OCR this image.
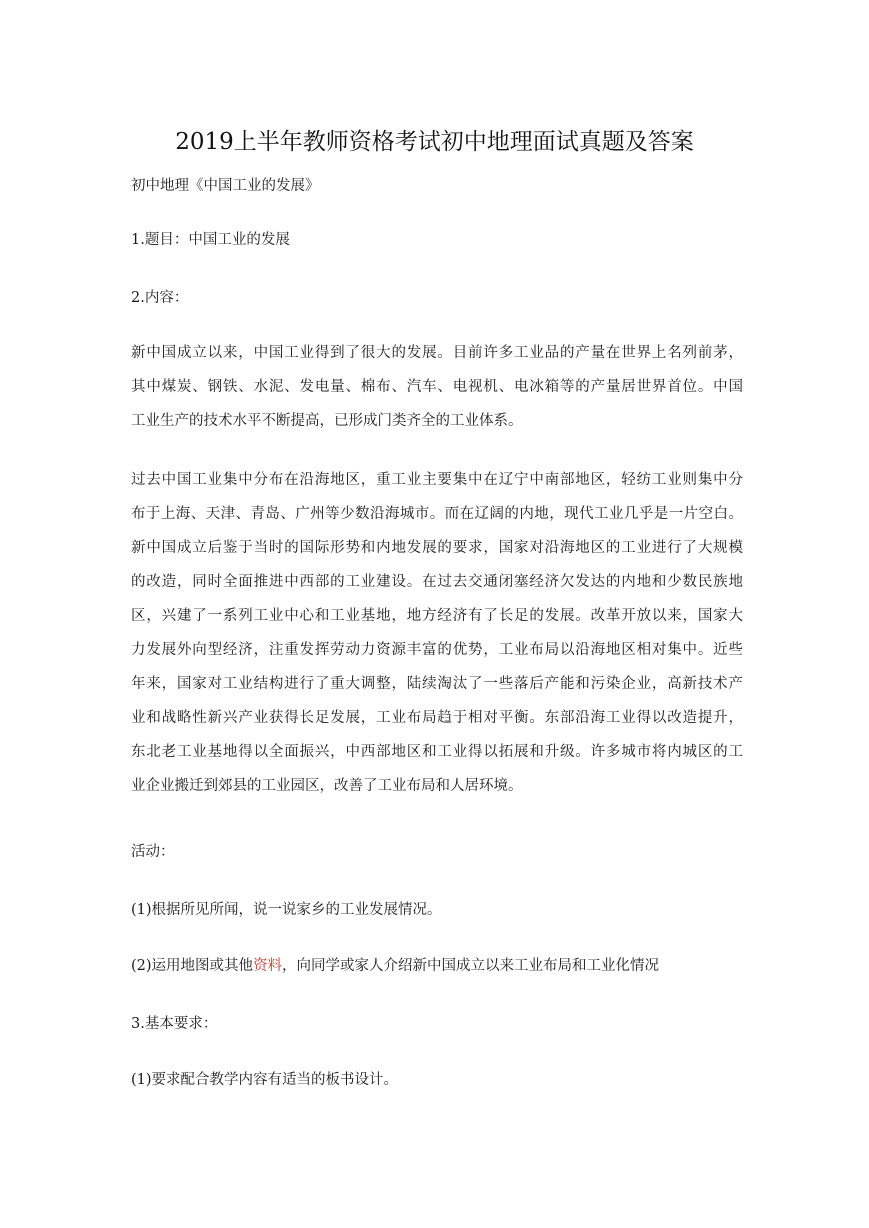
2019上半年教师资格考试初中地理面试真题及答案
初中地理《中国工业的发展》
1.题目：中国工业的发展
2.内容：
新中国成立以来，中国工业得到了很大的发展。目前许多工业品的产量在世界上名列前茅，
其中煤炭、钢铁、水泥、发电量、棉布、汽车、电视机、电冰箱等的产量居世界首位。中国
工业生产的技术水平不断提高，已形成门类齐全的工业体系。
过去中国工业集中分布在沿海地区，重工业主要集中在辽宁中南部地区，轻纺工业则集中分
布于上海、天津、青岛、广州等少数沿海城市。而在辽阔的内地，现代工业几乎是一片空白。
新中国成立后鉴于当时的国际形势和内地发展的要求，国家对沿海地区的工业进行了大规模
的改造，同时全面推进中西部的工业建设。在过去交通闭塞经济欠发达的内地和少数民族地
区，兴建了一系列工业中心和工业基地，地方经济有了长足的发展。改革开放以来，国家大
力发展外向型经济，注重发挥劳动力资源丰富的优势，工业布局以沿海地区相对集中。近些
年来，国家对工业结构进行了重大调整，陆续淘汰了一些落后产能和污染企业，高新技术产
业和战略性新兴产业获得长足发展，工业布局趋于相对平衡。东部沿海工业得以改造提升，
东北老工业基地得以全面振兴，中西部地区和工业得以拓展和升级。许多城市将内城区的工
业企业搬迁到郊县的工业园区，改善了工业布局和人居环境。
活动：
(1)根据所见所闻，说一说家乡的工业发展情况。
(2)运用地图或其他资料，向同学或家人介绍新中国成立以来工业布局和工业化情况
3.基本要求：
(1)要求配合教学内容有适当的板书设计。
